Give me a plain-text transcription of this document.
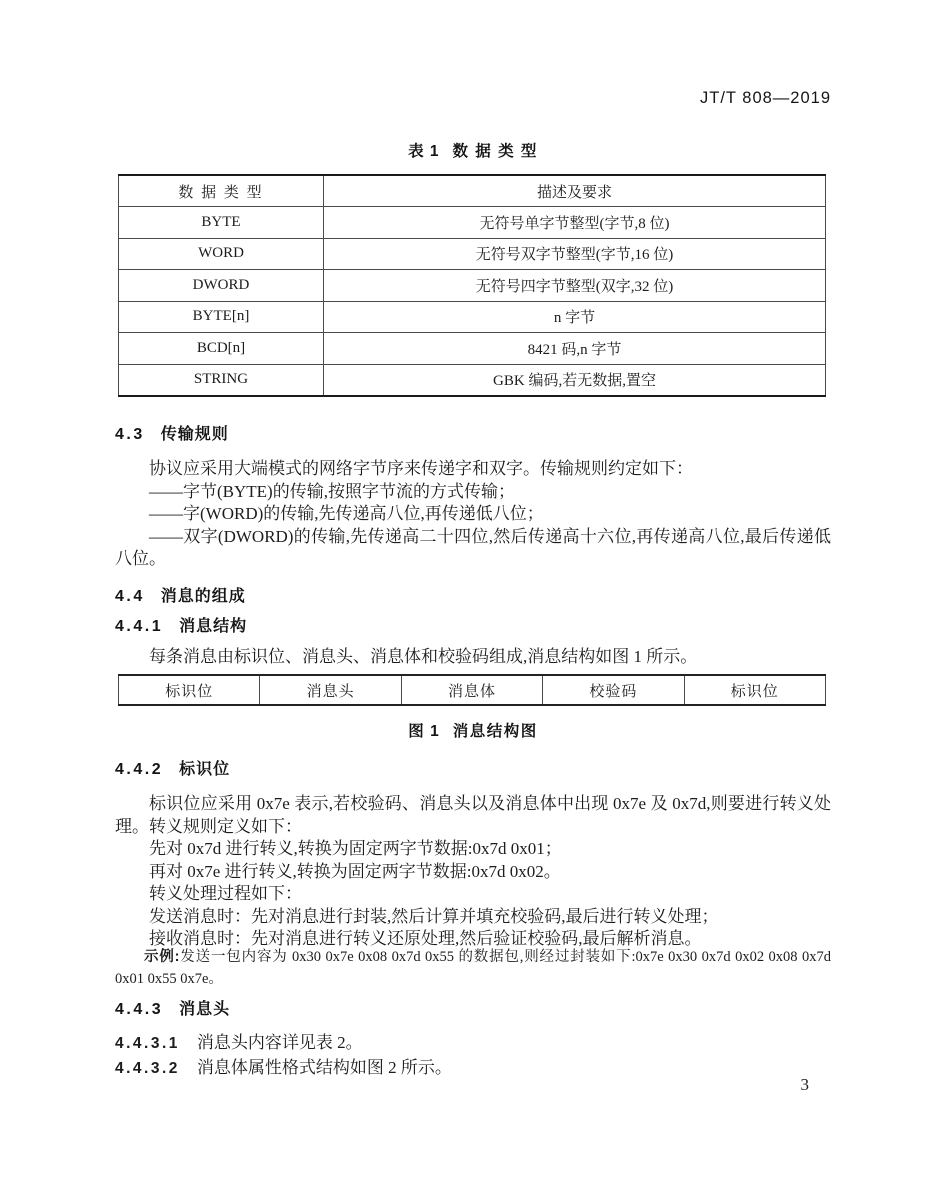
JT/T 808—2019
表 1 数 据 类 型
数 据 类 型	描述及要求
BYTE	无符号单字节整型(字节,8 位)
WORD	无符号双字节整型(字节,16 位)
DWORD	无符号四字节整型(双字,32 位)
BYTE[n]	n 字节
BCD[n]	8421 码,n 字节
STRING	GBK 编码,若无数据,置空
4.3 传输规则

协议应采用大端模式的网络字节序来传递字和双字。传输规则约定如下：

——字节(BYTE)的传输,按照字节流的方式传输；

——字(WORD)的传输,先传递高八位,再传递低八位；

——双字(DWORD)的传输,先传递高二十四位,然后传递高十六位,再传递高八位,最后传递低八位。

4.4 消息的组成
4.4.1 消息结构

每条消息由标识位、消息头、消息体和校验码组成,消息结构如图 1 所示。

标识位	消息头	消息体	校验码	标识位
图 1 消息结构图
4.4.2 标识位

标识位应采用 0x7e 表示,若校验码、消息头以及消息体中出现 0x7e 及 0x7d,则要进行转义处理。转义规则定义如下：

先对 0x7d 进行转义,转换为固定两字节数据:0x7d 0x01；

再对 0x7e 进行转义,转换为固定两字节数据:0x7d 0x02。

转义处理过程如下：

发送消息时：先对消息进行封装,然后计算并填充校验码,最后进行转义处理；

接收消息时：先对消息进行转义还原处理,然后验证校验码,最后解析消息。

示例:发送一包内容为 0x30 0x7e 0x08 0x7d 0x55 的数据包,则经过封装如下:0x7e 0x30 0x7d 0x02 0x08 0x7d 0x01 0x55 0x7e。

4.4.3 消息头
4.4.3.1 消息头内容详见表 2。
4.4.3.2 消息体属性格式结构如图 2 所示。
3
